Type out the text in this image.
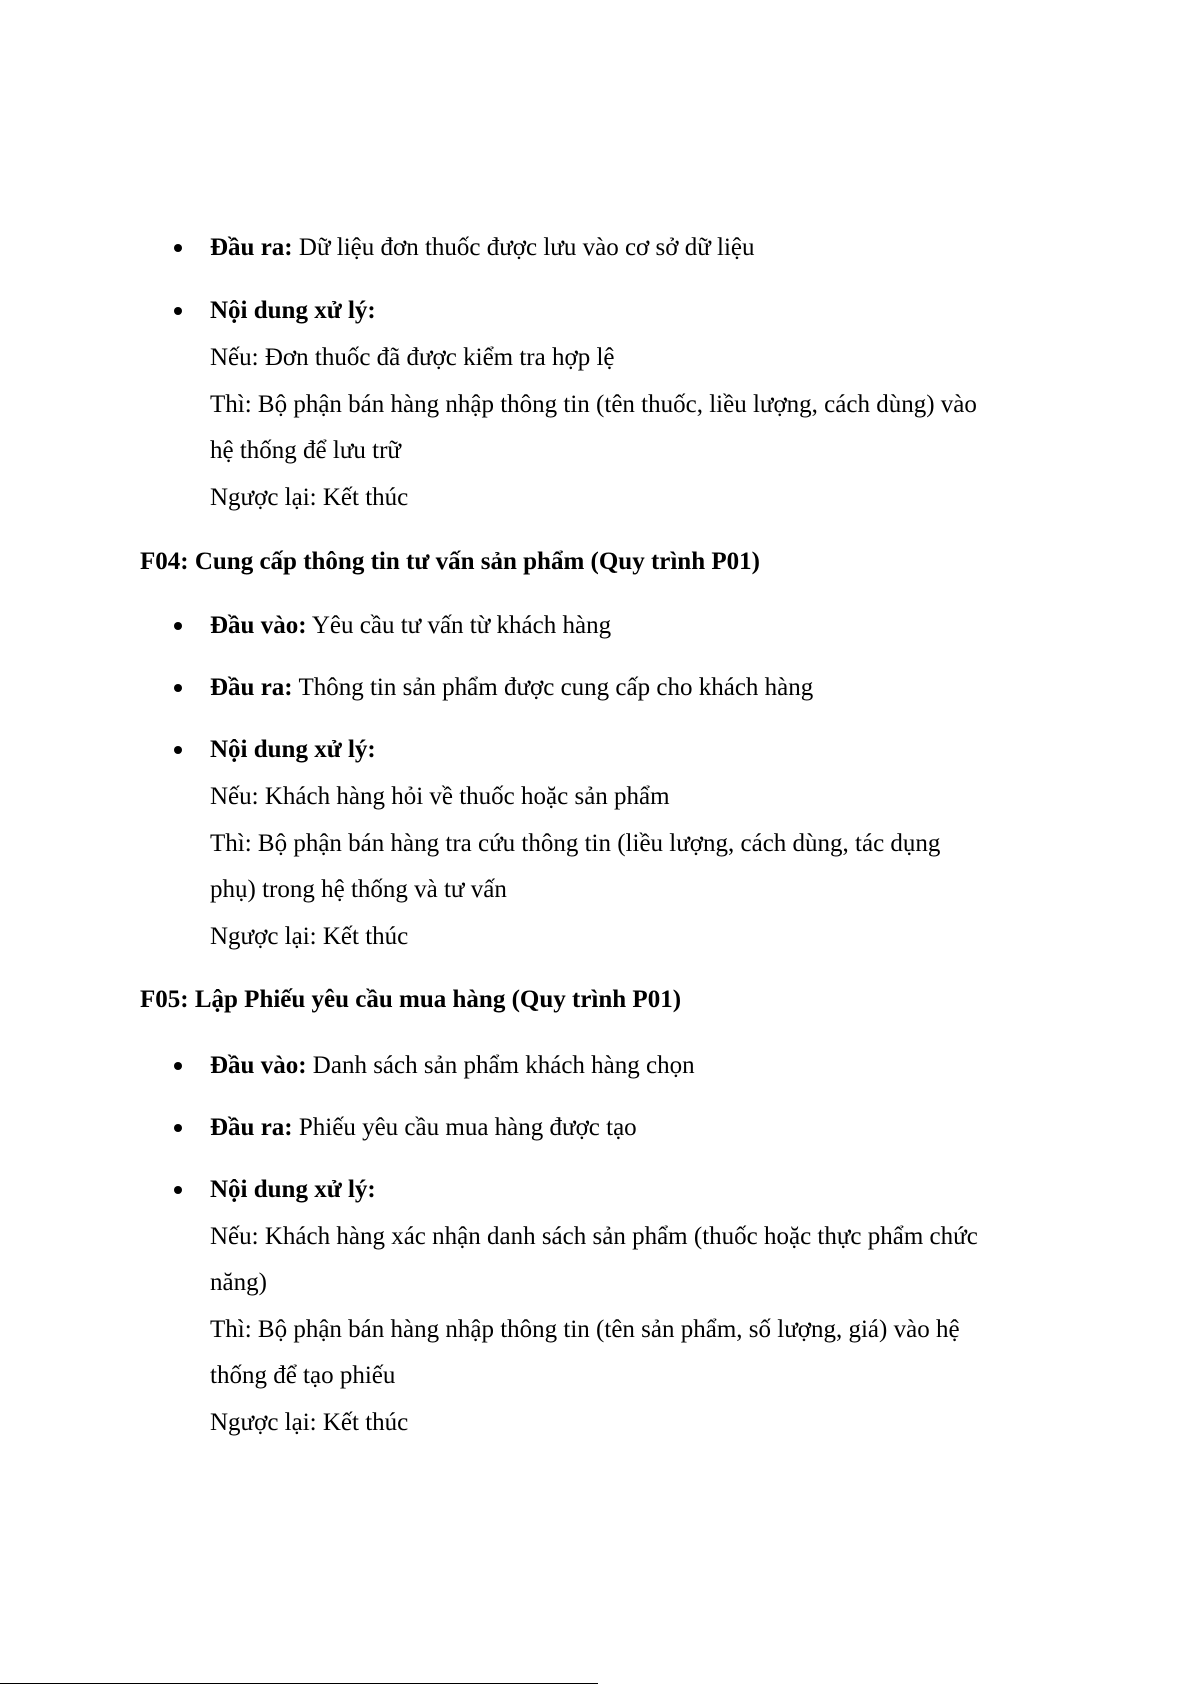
Đầu ra: Dữ liệu đơn thuốc được lưu vào cơ sở dữ liệu
Nội dung xử lý:
Nếu: Đơn thuốc đã được kiểm tra hợp lệ
Thì: Bộ phận bán hàng nhập thông tin (tên thuốc, liều lượng, cách dùng) vào
hệ thống để lưu trữ
Ngược lại: Kết thúc
F04: Cung cấp thông tin tư vấn sản phẩm (Quy trình P01)
Đầu vào: Yêu cầu tư vấn từ khách hàng
Đầu ra: Thông tin sản phẩm được cung cấp cho khách hàng
Nội dung xử lý:
Nếu: Khách hàng hỏi về thuốc hoặc sản phẩm
Thì: Bộ phận bán hàng tra cứu thông tin (liều lượng, cách dùng, tác dụng
phụ) trong hệ thống và tư vấn
Ngược lại: Kết thúc
F05: Lập Phiếu yêu cầu mua hàng (Quy trình P01)
Đầu vào: Danh sách sản phẩm khách hàng chọn
Đầu ra: Phiếu yêu cầu mua hàng được tạo
Nội dung xử lý:
Nếu: Khách hàng xác nhận danh sách sản phẩm (thuốc hoặc thực phẩm chức
năng)
Thì: Bộ phận bán hàng nhập thông tin (tên sản phẩm, số lượng, giá) vào hệ
thống để tạo phiếu
Ngược lại: Kết thúc
